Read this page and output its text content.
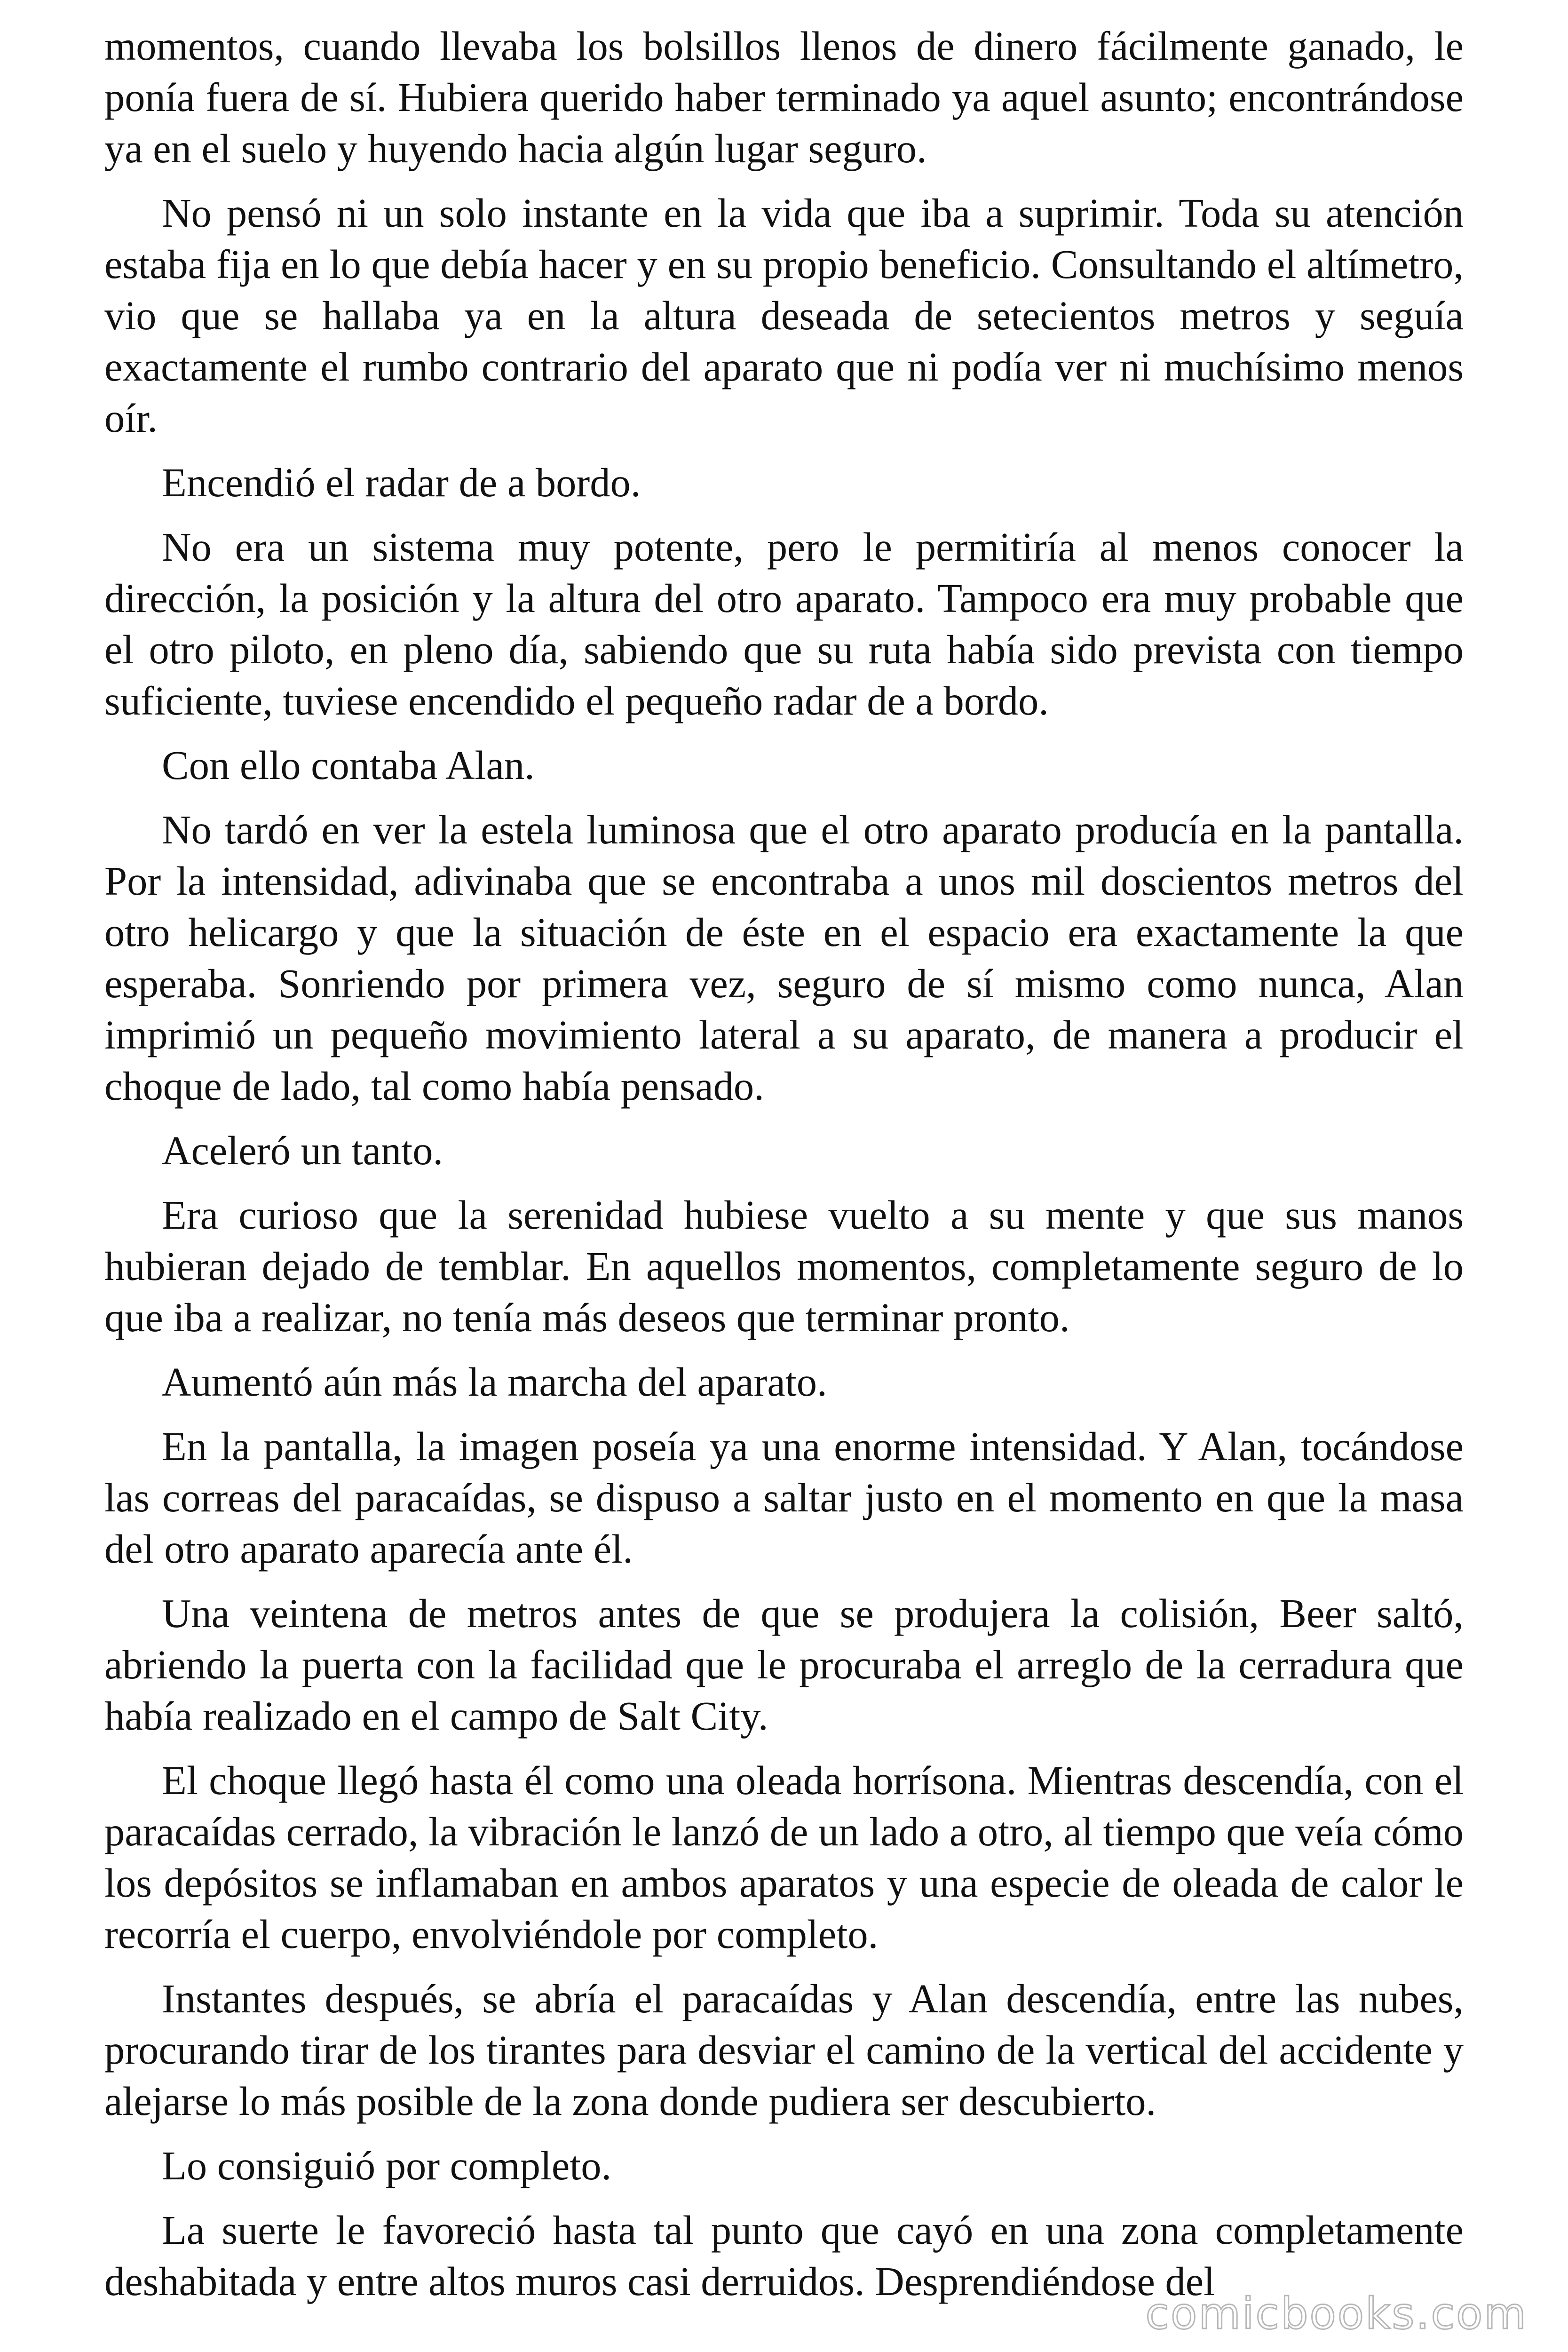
momentos, cuando llevaba los bolsillos llenos de dinero fácilmente ganado, le ponía fuera de sí. Hubiera querido haber terminado ya aquel asunto; encontrándose ya en el suelo y huyendo hacia algún lugar seguro.

No pensó ni un solo instante en la vida que iba a suprimir. Toda su atención estaba fija en lo que debía hacer y en su propio beneficio. Consultando el altímetro, vio que se hallaba ya en la altura deseada de setecientos metros y seguía exactamente el rumbo contrario del aparato que ni podía ver ni muchísimo menos oír.

Encendió el radar de a bordo.

No era un sistema muy potente, pero le permitiría al menos conocer la dirección, la posición y la altura del otro aparato. Tampoco era muy probable que el otro piloto, en pleno día, sabiendo que su ruta había sido prevista con tiempo suficiente, tuviese encendido el pequeño radar de a bordo.

Con ello contaba Alan.

No tardó en ver la estela luminosa que el otro aparato producía en la pantalla. Por la intensidad, adivinaba que se encontraba a unos mil doscientos metros del otro helicargo y que la situación de éste en el espacio era exactamente la que esperaba. Sonriendo por primera vez, seguro de sí mismo como nunca, Alan imprimió un pequeño movimiento lateral a su aparato, de manera a producir el choque de lado, tal como había pensado.

Aceleró un tanto.

Era curioso que la serenidad hubiese vuelto a su mente y que sus manos hubieran dejado de temblar. En aquellos momentos, completamente seguro de lo que iba a realizar, no tenía más deseos que terminar pronto.

Aumentó aún más la marcha del aparato.

En la pantalla, la imagen poseía ya una enorme intensidad. Y Alan, tocándose las correas del paracaídas, se dispuso a saltar justo en el momento en que la masa del otro aparato aparecía ante él.

Una veintena de metros antes de que se produjera la colisión, Beer saltó, abriendo la puerta con la facilidad que le procuraba el arreglo de la cerradura que había realizado en el campo de Salt City.

El choque llegó hasta él como una oleada horrísona. Mientras descendía, con el paracaídas cerrado, la vibración le lanzó de un lado a otro, al tiempo que veía cómo los depósitos se inflamaban en ambos aparatos y una especie de oleada de calor le recorría el cuerpo, envolviéndole por completo.

Instantes después, se abría el paracaídas y Alan descendía, entre las nubes, procurando tirar de los tirantes para desviar el camino de la vertical del accidente y alejarse lo más posible de la zona donde pudiera ser descubierto.

Lo consiguió por completo.

La suerte le favoreció hasta tal punto que cayó en una zona completamente deshabitada y entre altos muros casi derruidos. Desprendiéndose del

comicbooks.com
